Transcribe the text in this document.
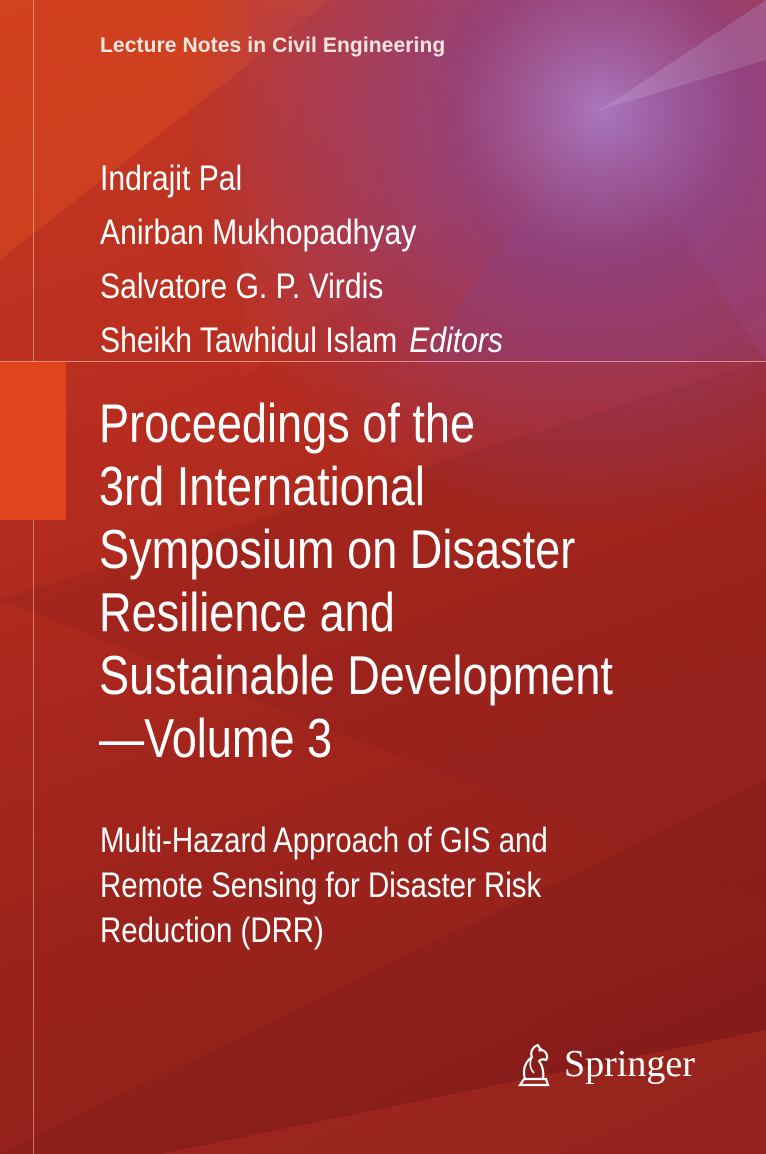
Lecture Notes in Civil Engineering
Indrajit Pal
Anirban Mukhopadhyay
Salvatore G. P. Virdis
Sheikh Tawhidul Islam Editors
Proceedings of the
3rd International
Symposium on Disaster
Resilience and
Sustainable Development
—Volume 3
Multi-Hazard Approach of GIS and
Remote Sensing for Disaster Risk
Reduction (DRR)
Springer
